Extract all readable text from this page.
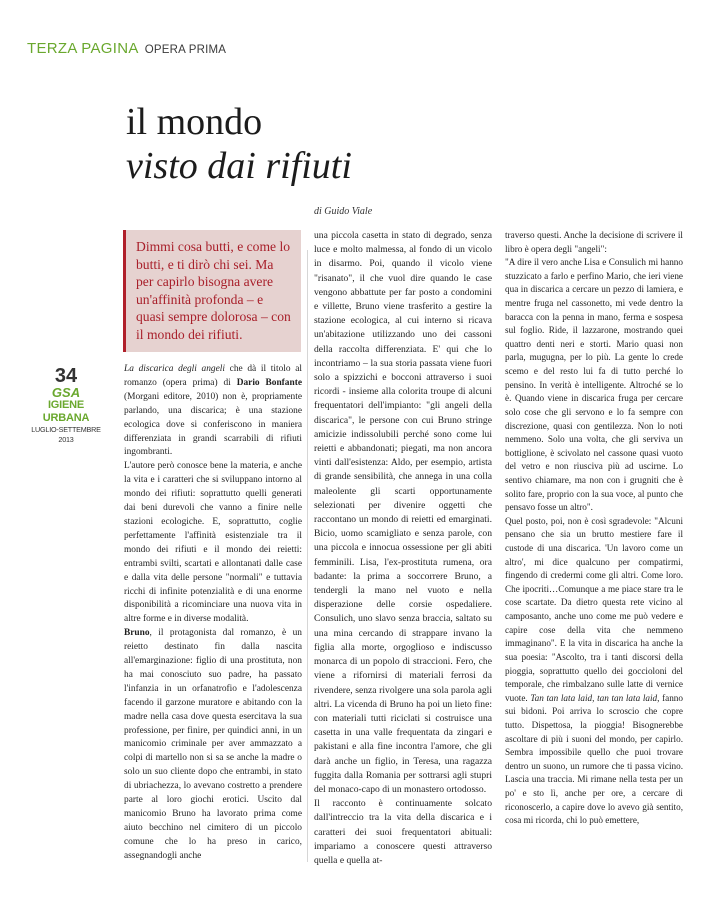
TERZA PAGINA OPERA PRIMA
il mondo
visto dai rifiuti
di Guido Viale
Dimmi cosa butti, e come lo butti, e ti dirò chi sei. Ma per capirlo bisogna avere un'affinità profonda – e quasi sempre dolorosa – con il mondo dei rifiuti.
34
GSA
IGIENE URBANA
LUGLIO-SETTEMBRE 2013

La discarica degli angeli che dà il titolo al romanzo (opera prima) di Dario Bonfante (Morgani editore, 2010) non è, propriamente parlando, una discarica; è una stazione ecologica dove si conferiscono in maniera differenziata in grandi scarrabili di rifiuti ingombranti.

L'autore però conosce bene la materia, e anche la vita e i caratteri che si sviluppano intorno al mondo dei rifiuti: soprattutto quelli generati dai beni durevoli che vanno a finire nelle stazioni ecologiche. E, soprattutto, coglie perfettamente l'affinità esistenziale tra il mondo dei rifiuti e il mondo dei reietti: entrambi svilti, scartati e allontanati dalle case e dalla vita delle persone "normali" e tuttavia ricchi di infinite potenzialità e di una enorme disponibilità a ricominciare una nuova vita in altre forme e in diverse modalità.

Bruno, il protagonista dal romanzo, è un reietto destinato fin dalla nascita all'emarginazione: figlio di una prostituta, non ha mai conosciuto suo padre, ha passato l'infanzia in un orfanatrofio e l'adolescenza facendo il garzone muratore e abitando con la madre nella casa dove questa esercitava la sua professione, per finire, per quindici anni, in un manicomio criminale per aver ammazzato a colpi di martello non si sa se anche la madre o solo un suo cliente dopo che entrambi, in stato di ubriachezza, lo avevano costretto a prendere parte al loro giochi erotici. Uscito dal manicomio Bruno ha lavorato prima come aiuto becchino nel cimitero di un piccolo comune che lo ha preso in carico, assegnandogli anche

una piccola casetta in stato di degrado, senza luce e molto malmessa, al fondo di un vicolo in disarmo. Poi, quando il vicolo viene "risanato", il che vuol dire quando le case vengono abbattute per far posto a condomini e villette, Bruno viene trasferito a gestire la stazione ecologica, al cui interno si ricava un'abitazione utilizzando uno dei cassoni della raccolta differenziata. E' qui che lo incontriamo – la sua storia passata viene fuori solo a spizzichi e bocconi attraverso i suoi ricordi - insieme alla colorita troupe di alcuni frequentatori dell'impianto: "gli angeli della discarica", le persone con cui Bruno stringe amicizie indissolubili perché sono come lui reietti e abbandonati; piegati, ma non ancora vinti dall'esistenza: Aldo, per esempio, artista di grande sensibilità, che annega in una colla maleolente gli scarti opportunamente selezionati per divenire oggetti che raccontano un mondo di reietti ed emarginati. Bicio, uomo scamigliato e senza parole, con una piccola e innocua ossessione per gli abiti femminili. Lisa, l'ex-prostituta rumena, ora badante: la prima a soccorrere Bruno, a tendergli la mano nel vuoto e nella disperazione delle corsie ospedaliere. Consulich, uno slavo senza braccia, saltato su una mina cercando di strappare invano la figlia alla morte, orgoglioso e indiscusso monarca di un popolo di straccioni. Fero, che viene a rifornirsi di materiali ferrosi da rivendere, senza rivolgere una sola parola agli altri. La vicenda di Bruno ha poi un lieto fine: con materiali tutti riciclati si costruisce una casetta in una valle frequentata da zingari e pakistani e alla fine incontra l'amore, che gli darà anche un figlio, in Teresa, una ragazza fuggita dalla Romania per sottrarsi agli stupri del monaco-capo di un monastero ortodosso.

Il racconto è continuamente solcato dall'intreccio tra la vita della discarica e i caratteri dei suoi frequentatori abituali: impariamo a conoscere questi attraverso quella e quella at-

traverso questi. Anche la decisione di scrivere il libro è opera degli "angeli":

"A dire il vero anche Lisa e Consulich mi hanno stuzzicato a farlo e perfino Mario, che ieri viene qua in discarica a cercare un pezzo di lamiera, e mentre fruga nel cassonetto, mi vede dentro la baracca con la penna in mano, ferma e sospesa sul foglio. Ride, il lazzarone, mostrando quei quattro denti neri e storti. Mario quasi non parla, mugugna, per lo più. La gente lo crede scemo e del resto lui fa di tutto perché lo pensino. In verità è intelligente. Altroché se lo è. Quando viene in discarica fruga per cercare solo cose che gli servono e lo fa sempre con discrezione, quasi con gentilezza. Non lo noti nemmeno. Solo una volta, che gli serviva un bottiglione, è scivolato nel cassone quasi vuoto del vetro e non riusciva più ad uscirne. Lo sentivo chiamare, ma non con i grugniti che è solito fare, proprio con la sua voce, al punto che pensavo fosse un altro".

Quel posto, poi, non è così sgradevole: "Alcuni pensano che sia un brutto mestiere fare il custode di una discarica. 'Un lavoro come un altro', mi dice qualcuno per compatirmi, fingendo di credermi come gli altri. Come loro. Che ipocriti…Comunque a me piace stare tra le cose scartate. Da dietro questa rete vicino al camposanto, anche uno come me può vedere e capire cose della vita che nemmeno immaginano". E la vita in discarica ha anche la sua poesia: "Ascolto, tra i tanti discorsi della pioggia, soprattutto quello dei goccioloni del temporale, che rimbalzano sulle latte di vernice vuote. Tan tan lata laid, tan tan lata laid, fanno sui bidoni. Poi arriva lo scroscio che copre tutto. Dispettosa, la pioggia! Bisognerebbe ascoltare di più i suoni del mondo, per capirlo. Sembra impossibile quello che puoi trovare dentro un suono, un rumore che ti passa vicino. Lascia una traccia. Mi rimane nella testa per un po' e sto lì, anche per ore, a cercare di riconoscerlo, a capire dove lo avevo già sentito, cosa mi ricorda, chi lo può emettere,
